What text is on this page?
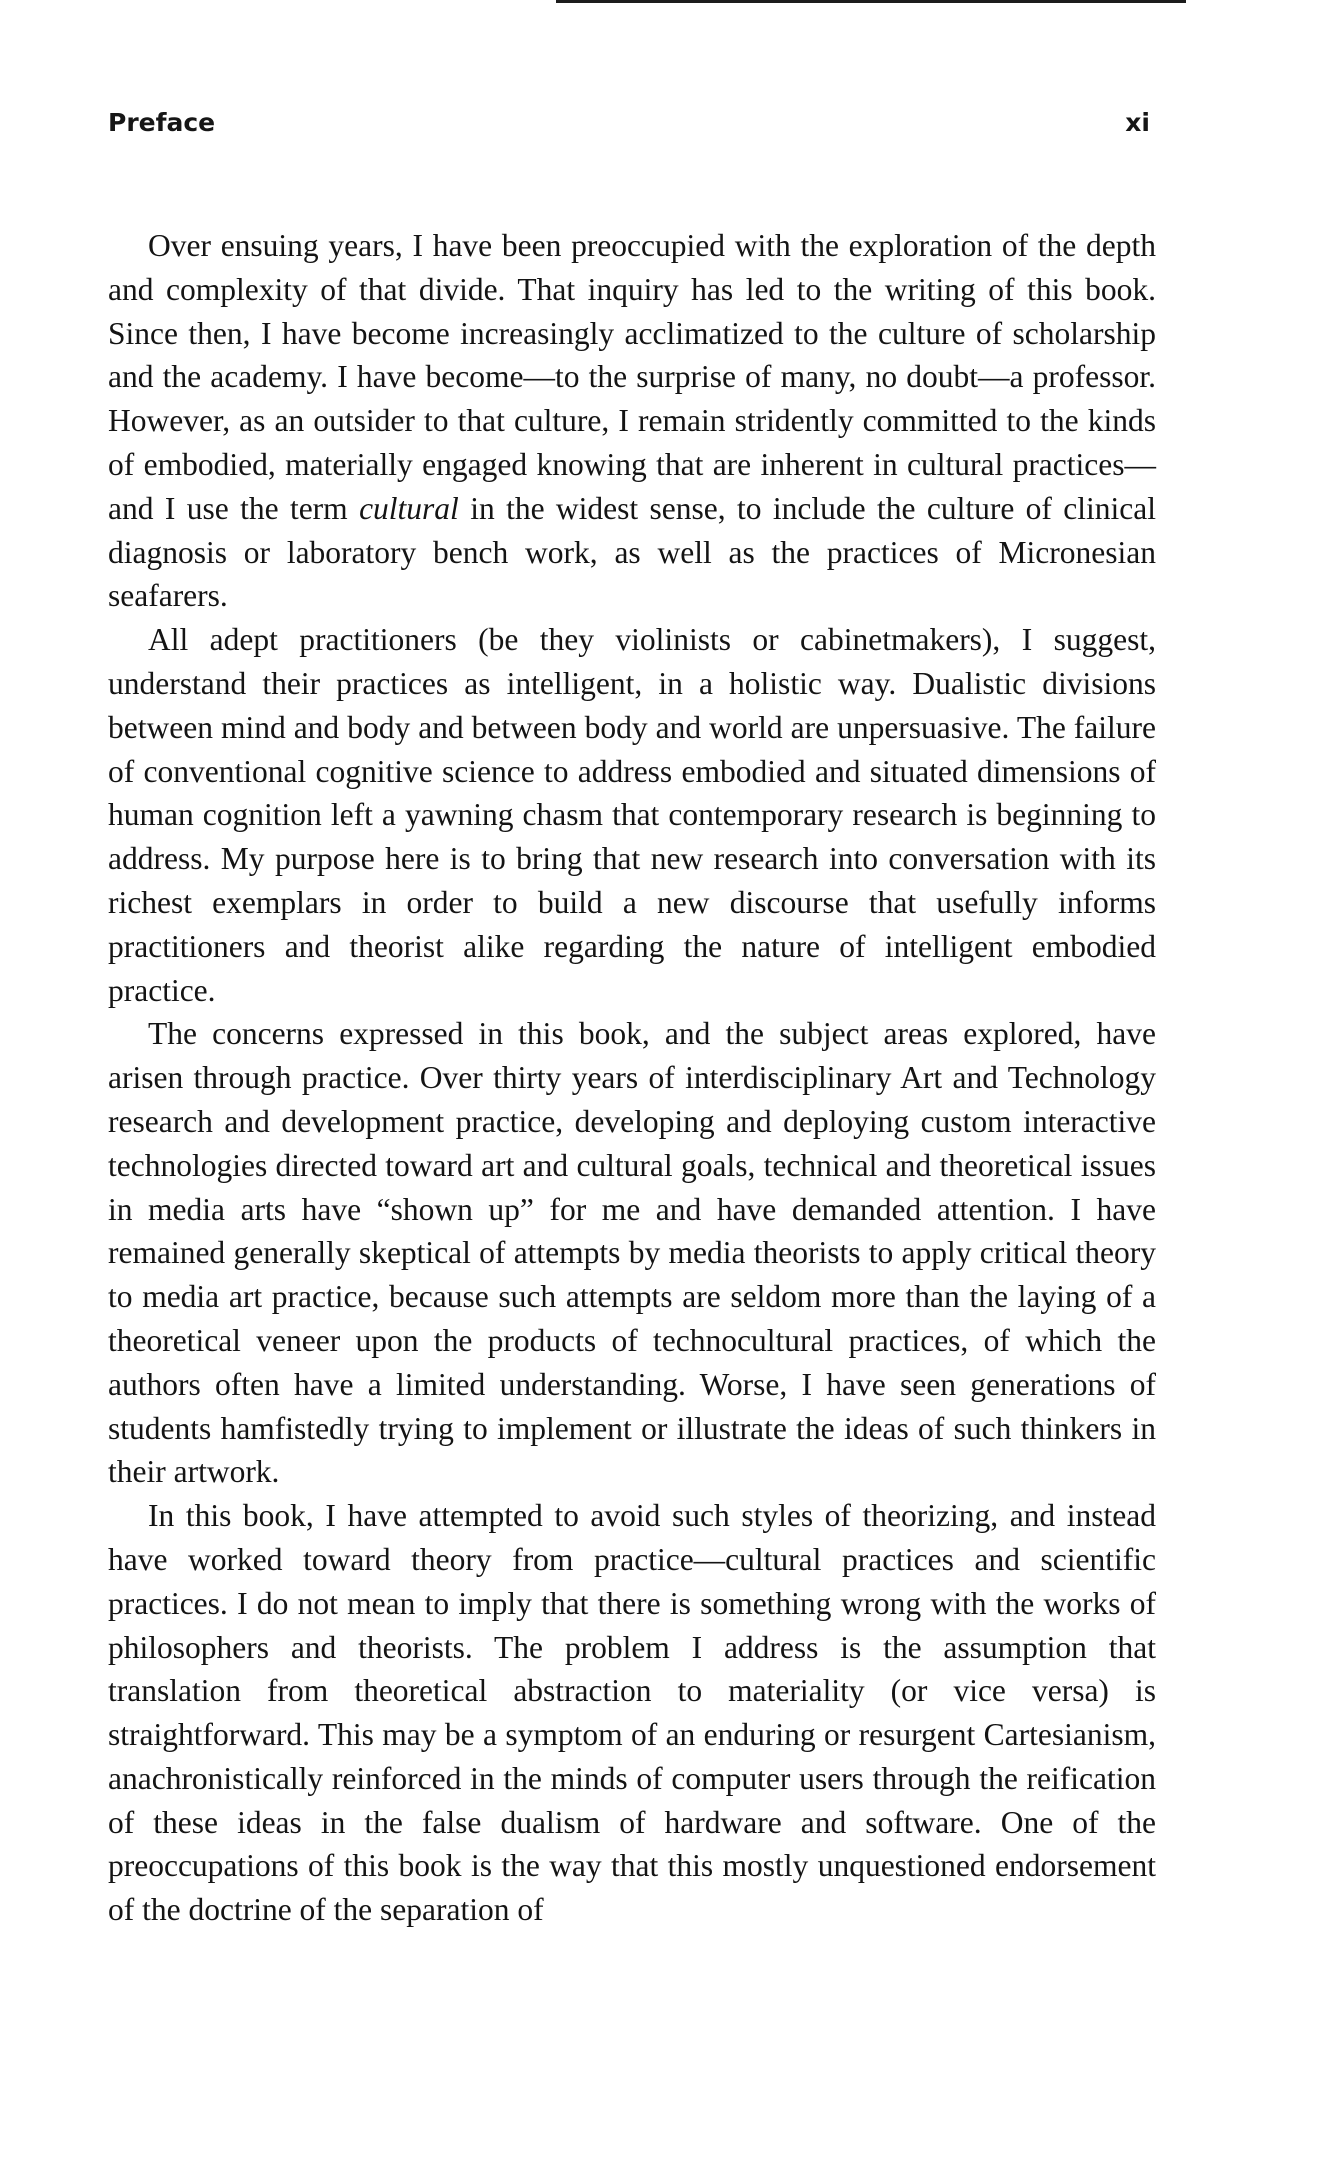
Preface	xi

Over ensuing years, I have been preoccupied with the exploration of the depth and complexity of that divide. That inquiry has led to the writing of this book. Since then, I have become increasingly acclimatized to the culture of scholarship and the academy. I have become—to the surprise of many, no doubt—a professor. However, as an outsider to that culture, I remain stridently committed to the kinds of embodied, materially engaged knowing that are inherent in cultural practices—and I use the term cultural in the widest sense, to include the culture of clinical diagnosis or laboratory bench work, as well as the practices of Micronesian seafarers.

All adept practitioners (be they violinists or cabinetmakers), I suggest, understand their practices as intelligent, in a holistic way. Dualistic divisions between mind and body and between body and world are unpersuasive. The failure of conventional cognitive science to address embodied and situated dimensions of human cognition left a yawning chasm that contemporary research is beginning to address. My purpose here is to bring that new research into conversation with its richest exemplars in order to build a new discourse that usefully informs practitioners and theorist alike regarding the nature of intelligent embodied practice.

The concerns expressed in this book, and the subject areas explored, have arisen through practice. Over thirty years of interdisciplinary Art and Technology research and development practice, developing and deploying custom interactive technologies directed toward art and cultural goals, technical and theoretical issues in media arts have “shown up” for me and have demanded attention. I have remained generally skeptical of attempts by media theorists to apply critical theory to media art practice, because such attempts are seldom more than the laying of a theoretical veneer upon the products of technocultural practices, of which the authors often have a limited understanding. Worse, I have seen generations of students hamfistedly trying to implement or illustrate the ideas of such thinkers in their artwork.

In this book, I have attempted to avoid such styles of theorizing, and instead have worked toward theory from practice—cultural practices and scientific practices. I do not mean to imply that there is something wrong with the works of philosophers and theorists. The problem I address is the assumption that translation from theoretical abstraction to materiality (or vice versa) is straightforward. This may be a symptom of an enduring or resurgent Cartesianism, anachronistically reinforced in the minds of computer users through the reification of these ideas in the false dualism of hardware and software. One of the preoccupations of this book is the way that this mostly unquestioned endorsement of the doctrine of the separation of
